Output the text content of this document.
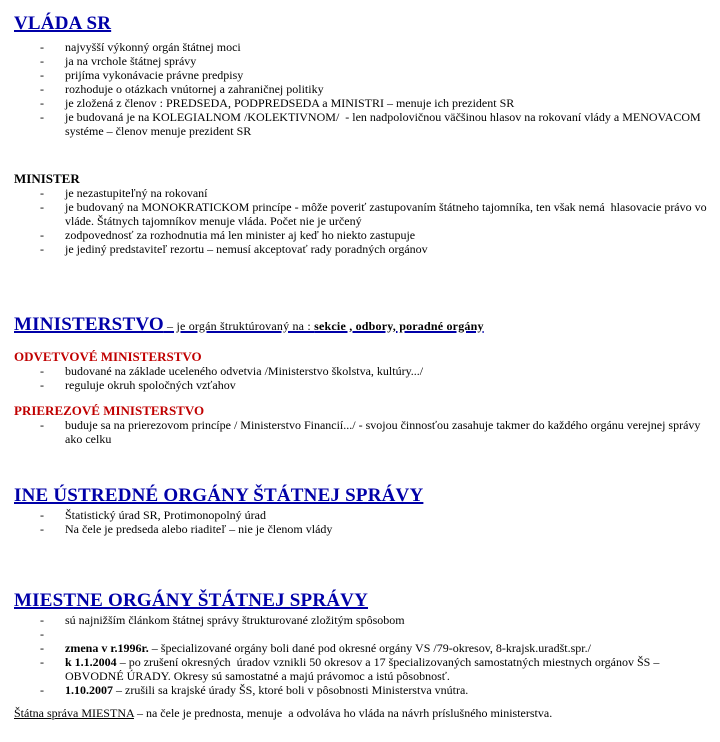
VLÁDA SR
-
najvyšší výkonný orgán štátnej moci
-
ja na vrchole štátnej správy
-
prijíma vykonávacie právne predpisy
-
rozhoduje o otázkach vnútornej a zahraničnej politiky
-
je zložená z členov : PREDSEDA, PODPREDSEDA a MINISTRI – menuje ich prezident SR
-
je budovaná je na KOLEGIALNOM /KOLEKTIVNOM/  - len nadpolovičnou väčšinou hlasov na rokovaní vlády a MENOVACOM systéme – členov menuje prezident SR
MINISTER
-
je nezastupiteľný na rokovaní
-
je budovaný na MONOKRATICKOM princípe - môže poveriť zastupovaním štátneho tajomníka, ten však nemá  hlasovacie právo vo vláde. Štátnych tajomníkov menuje vláda. Počet nie je určený
-
zodpovednosť za rozhodnutia má len minister aj keď ho niekto zastupuje
-
je jediný predstaviteľ rezortu – nemusí akceptovať rady poradných orgánov
MINISTERSTVO – je orgán štruktúrovaný na : sekcie , odbory, poradné orgány
ODVETVOVÉ MINISTERSTVO
-
budované na základe uceleného odvetvia /Ministerstvo školstva, kultúry.../
-
reguluje okruh spoločných vzťahov
PRIEREZOVÉ MINISTERSTVO
-
buduje sa na prierezovom princípe / Ministerstvo Financií.../ - svojou činnosťou zasahuje takmer do každého orgánu verejnej správy ako celku
INE ÚSTREDNÉ ORGÁNY ŠTÁTNEJ SPRÁVY
-
Štatistický úrad SR, Protimonopolný úrad
-
Na čele je predseda alebo riaditeľ – nie je členom vlády
MIESTNE ORGÁNY ŠTÁTNEJ SPRÁVY
-
sú najnižším článkom štátnej správy štrukturované zložitým spôsobom
-
-
zmena v r.1996r. – špecializované orgány boli dané pod okresné orgány VS /79-okresov, 8-krajsk.uradšt.spr./
-
k 1.1.2004 – po zrušení okresných  úradov vznikli 50 okresov a 17 špecializovaných samostatných miestnych orgánov ŠS – OBVODNÉ ÚRADY. Okresy sú samostatné a majú právomoc a istú pôsobnosť.
-
1.10.2007 – zrušili sa krajské úrady ŠS, ktoré boli v pôsobnosti Ministerstva vnútra.
Štátna správa MIESTNA – na čele je prednosta, menuje  a odvoláva ho vláda na návrh príslušného ministerstva.
